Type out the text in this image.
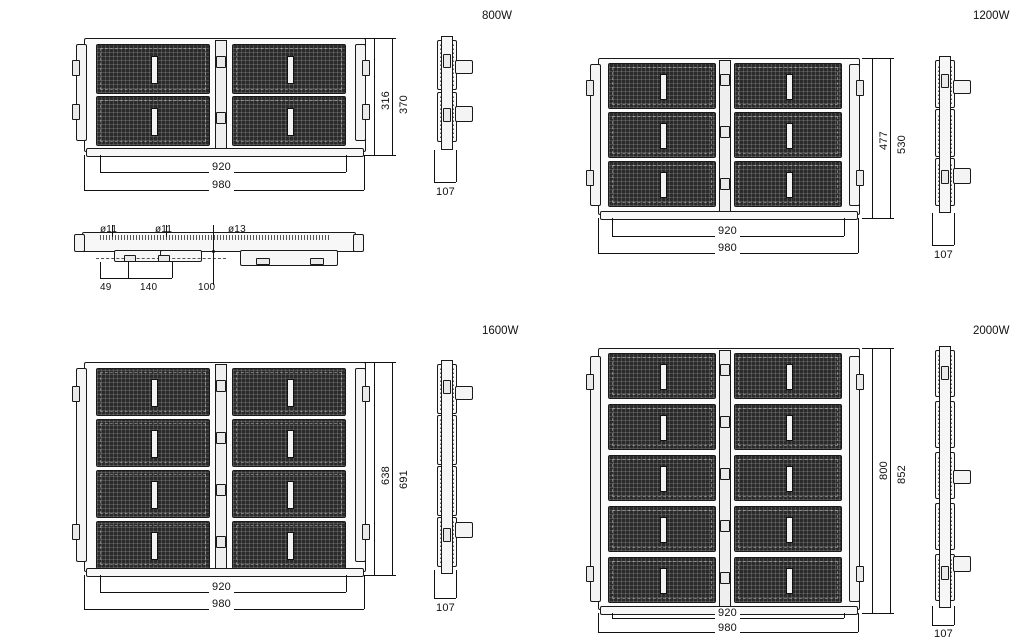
800W
316 370
920
980
107
ø11	ø11	ø13
49	140	100
1200W
477 530
920
980
107
1600W
638 691
920
980	107
2000W
800 852
920
980	107
